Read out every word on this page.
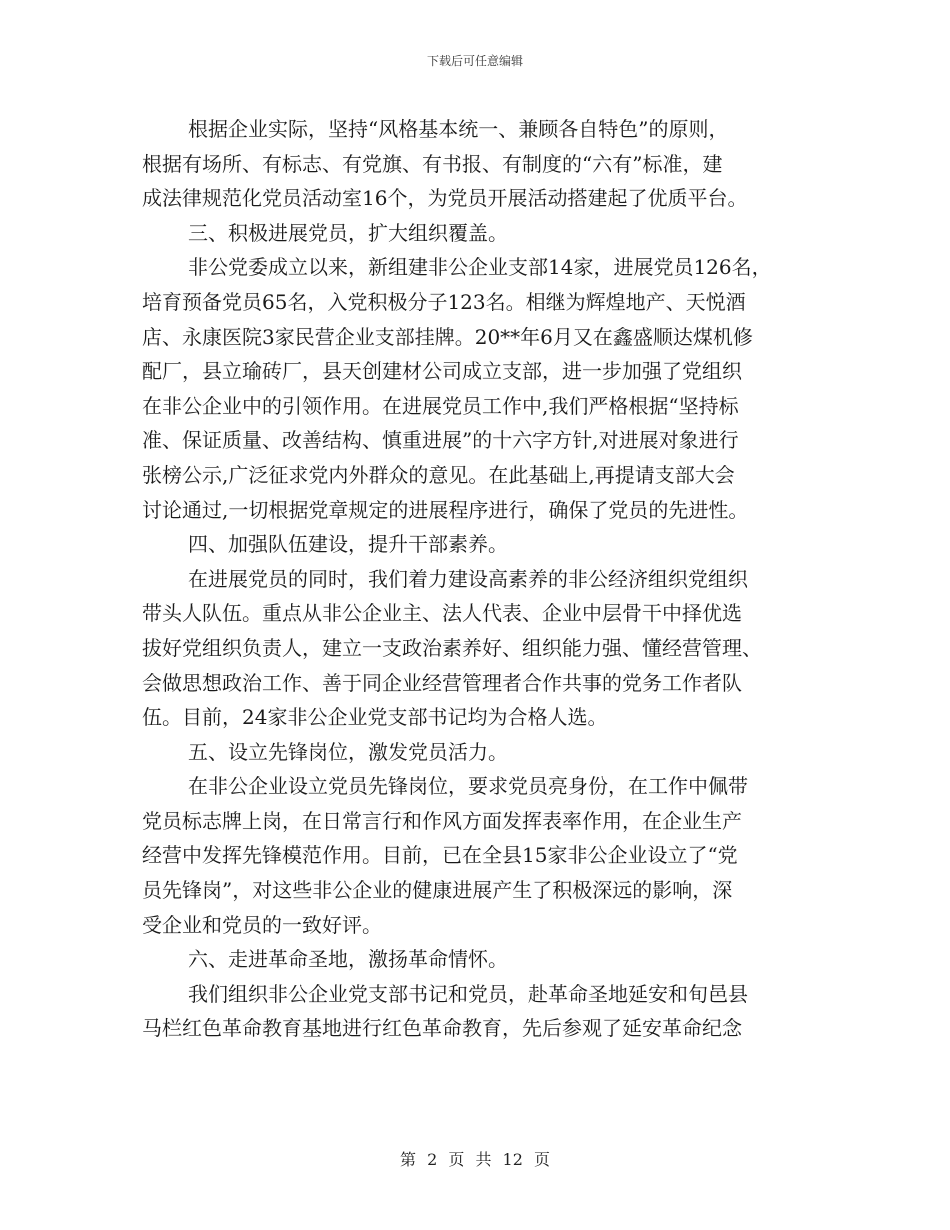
下载后可任意编辑
根据企业实际，坚持“风格基本统一、兼顾各自特色”的原则，
根据有场所、有标志、有党旗、有书报、有制度的“六有”标准，建
成法律规范化党员活动室16个，为党员开展活动搭建起了优质平台。
三、积极进展党员，扩大组织覆盖。
非公党委成立以来，新组建非公企业支部14家，进展党员126名，
培育预备党员65名，入党积极分子123名。相继为辉煌地产、天悦酒
店、永康医院3家民营企业支部挂牌。20**年6月又在鑫盛顺达煤机修
配厂，县立瑜砖厂，县天创建材公司成立支部，进一步加强了党组织
在非公企业中的引领作用。在进展党员工作中,我们严格根据“坚持标
准、保证质量、改善结构、慎重进展”的十六字方针,对进展对象进行
张榜公示,广泛征求党内外群众的意见。在此基础上,再提请支部大会
讨论通过,一切根据党章规定的进展程序进行，确保了党员的先进性。
四、加强队伍建设，提升干部素养。
在进展党员的同时，我们着力建设高素养的非公经济组织党组织
带头人队伍。重点从非公企业主、法人代表、企业中层骨干中择优选
拔好党组织负责人，建立一支政治素养好、组织能力强、懂经营管理、
会做思想政治工作、善于同企业经营管理者合作共事的党务工作者队
伍。目前，24家非公企业党支部书记均为合格人选。
五、设立先锋岗位，激发党员活力。
在非公企业设立党员先锋岗位，要求党员亮身份，在工作中佩带
党员标志牌上岗，在日常言行和作风方面发挥表率作用，在企业生产
经营中发挥先锋模范作用。目前，已在全县15家非公企业设立了“党
员先锋岗”，对这些非公企业的健康进展产生了积极深远的影响，深
受企业和党员的一致好评。
六、走进革命圣地，激扬革命情怀。
我们组织非公企业党支部书记和党员，赴革命圣地延安和旬邑县
马栏红色革命教育基地进行红色革命教育，先后参观了延安革命纪念
第 2 页 共 12 页
